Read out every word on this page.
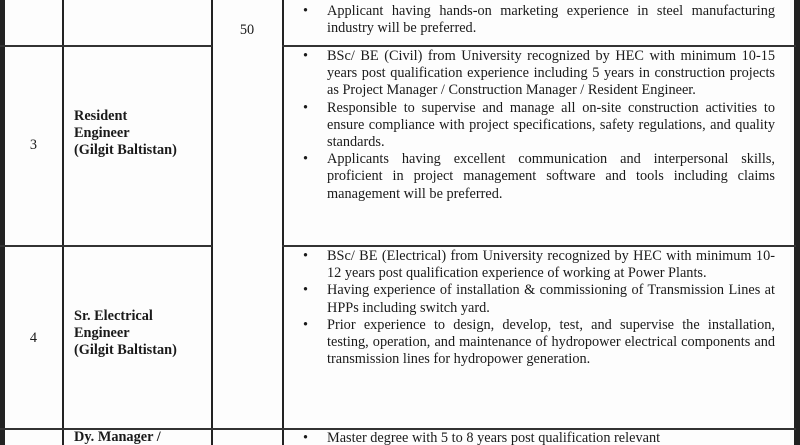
50
• Applicant having hands-on marketing experience in steel manufacturing industry will be preferred.
3
Resident
Engineer
(Gilgit Baltistan)
• BSc/ BE (Civil) from University recognized by HEC with minimum 10-15 years post qualification experience including 5 years in construction projects as Project Manager / Construction Manager / Resident Engineer.
• Responsible to supervise and manage all on-site construction activities to ensure compliance with project specifications, safety regulations, and quality standards.
• Applicants having excellent communication and interpersonal skills, proficient in project management software and tools including claims management will be preferred.
4
Sr. Electrical
Engineer
(Gilgit Baltistan)
• BSc/ BE (Electrical) from University recognized by HEC with minimum 10-12 years post qualification experience of working at Power Plants.
• Having experience of installation & commissioning of Transmission Lines at HPPs including switch yard.
• Prior experience to design, develop, test, and supervise the installation, testing, operation, and maintenance of hydropower electrical components and transmission lines for hydropower generation.
Dy. Manager /	• Master degree with 5 to 8 years post qualification relevant
